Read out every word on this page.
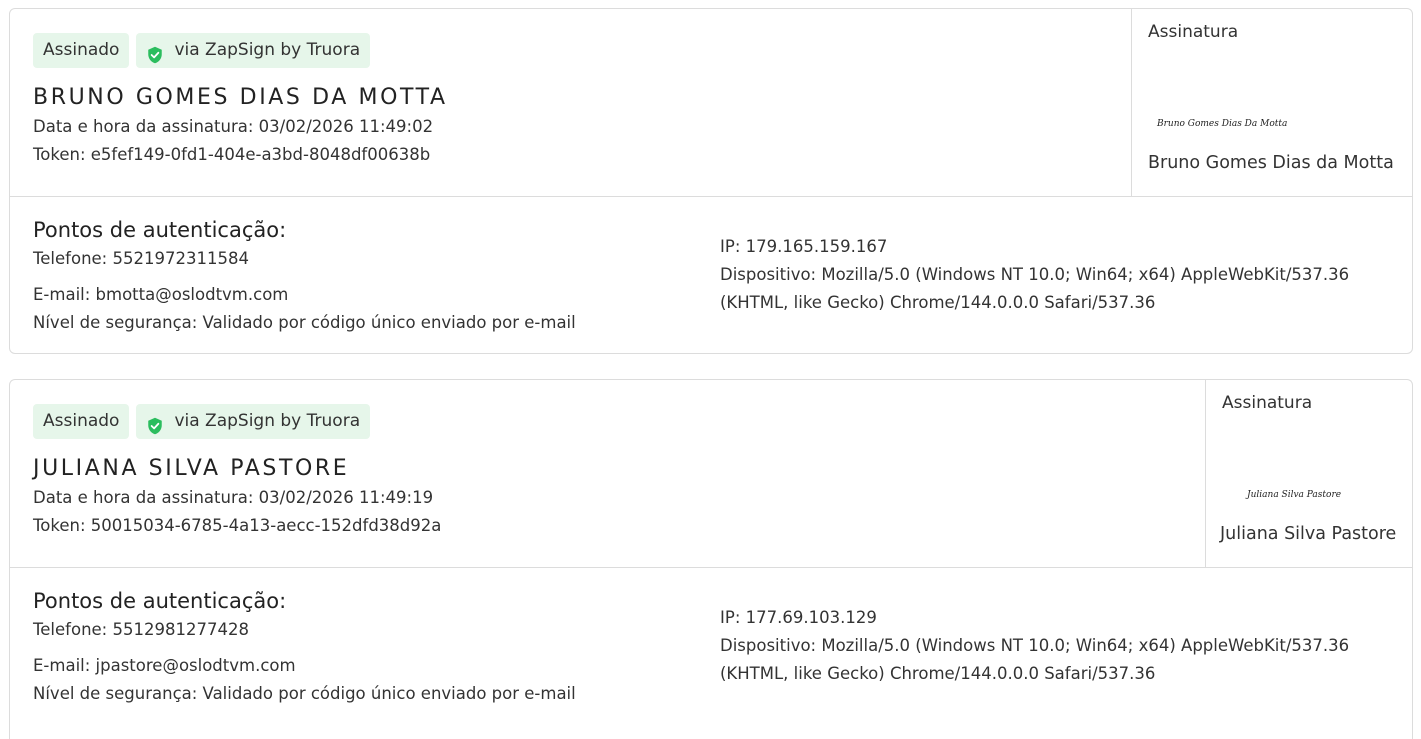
Assinado	via ZapSign by Truora
BRUNO GOMES DIAS DA MOTTA
Data e hora da assinatura: 03/02/2026 11:49:02
Token: e5fef149-0fd1-404e-a3bd-8048df00638b
Assinatura
Bruno Gomes Dias Da Motta
Bruno Gomes Dias da Motta
Pontos de autenticação:
Telefone: 5521972311584
E-mail: bmotta@oslodtvm.com
Nível de segurança: Validado por código único enviado por e-mail
IP: 179.165.159.167
Dispositivo: Mozilla/5.0 (Windows NT 10.0; Win64; x64) AppleWebKit/537.36
(KHTML, like Gecko) Chrome/144.0.0.0 Safari/537.36
Assinado	via ZapSign by Truora
JULIANA SILVA PASTORE
Data e hora da assinatura: 03/02/2026 11:49:19
Token: 50015034-6785-4a13-aecc-152dfd38d92a
Assinatura
Juliana Silva Pastore
Juliana Silva Pastore
Pontos de autenticação:
Telefone: 5512981277428
E-mail: jpastore@oslodtvm.com
Nível de segurança: Validado por código único enviado por e-mail
IP: 177.69.103.129
Dispositivo: Mozilla/5.0 (Windows NT 10.0; Win64; x64) AppleWebKit/537.36
(KHTML, like Gecko) Chrome/144.0.0.0 Safari/537.36
